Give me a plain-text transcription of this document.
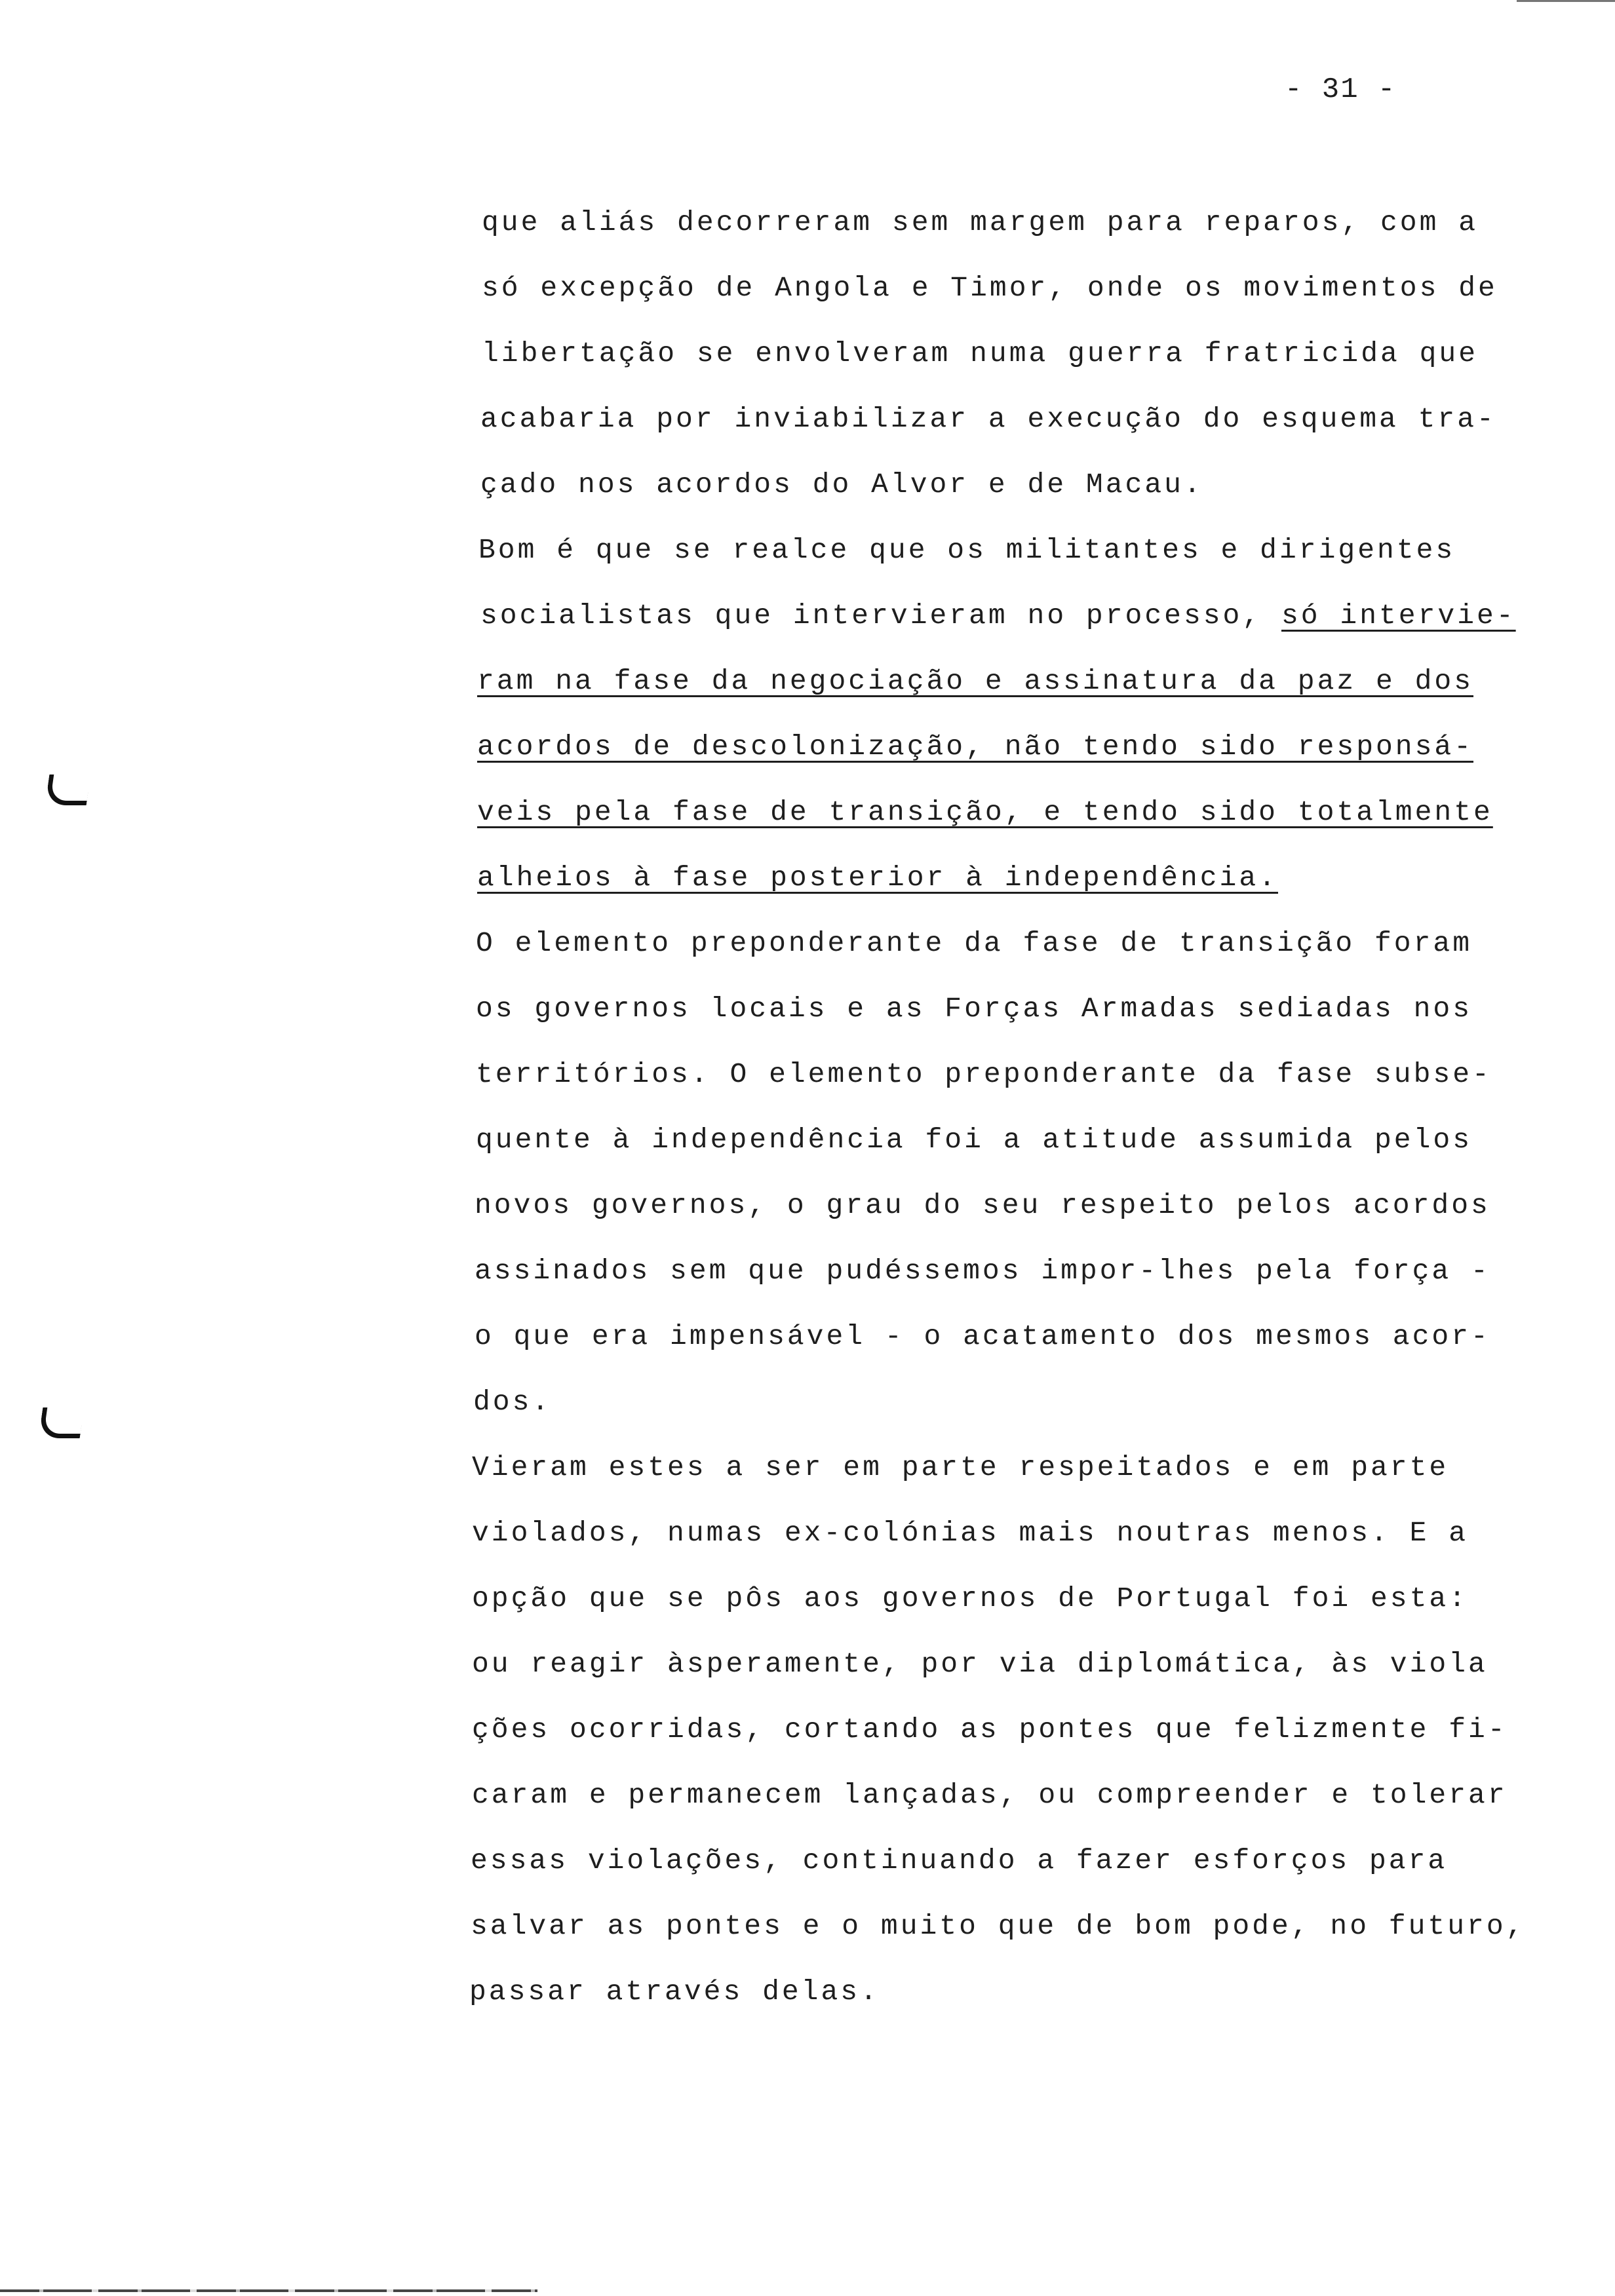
- 31 -
que aliás decorreram sem margem para reparos, com a
só excepção de Angola e Timor, onde os movimentos de
libertação se envolveram numa guerra fratricida que
acabaria por inviabilizar a execução do esquema tra-
çado nos acordos do Alvor e de Macau.
Bom é que se realce que os militantes e dirigentes
socialistas que intervieram no processo, só intervie-
ram na fase da negociação e assinatura da paz e dos
acordos de descolonização, não tendo sido responsá-
veis pela fase de transição, e tendo sido totalmente
alheios à fase posterior à independência.
O elemento preponderante da fase de transição foram
os governos locais e as Forças Armadas sediadas nos
territórios. O elemento preponderante da fase subse-
quente à independência foi a atitude assumida pelos
novos governos, o grau do seu respeito pelos acordos
assinados sem que pudéssemos impor-lhes pela força -
o que era impensável - o acatamento dos mesmos acor-
dos.
Vieram estes a ser em parte respeitados e em parte
violados, numas ex-colónias mais noutras menos. E a
opção que se pôs aos governos de Portugal foi esta:
ou reagir àsperamente, por via diplomática, às viola
ções ocorridas, cortando as pontes que felizmente fi-
caram e permanecem lançadas, ou compreender e tolerar
essas violações, continuando a fazer esforços para
salvar as pontes e o muito que de bom pode, no futuro,
passar através delas.
